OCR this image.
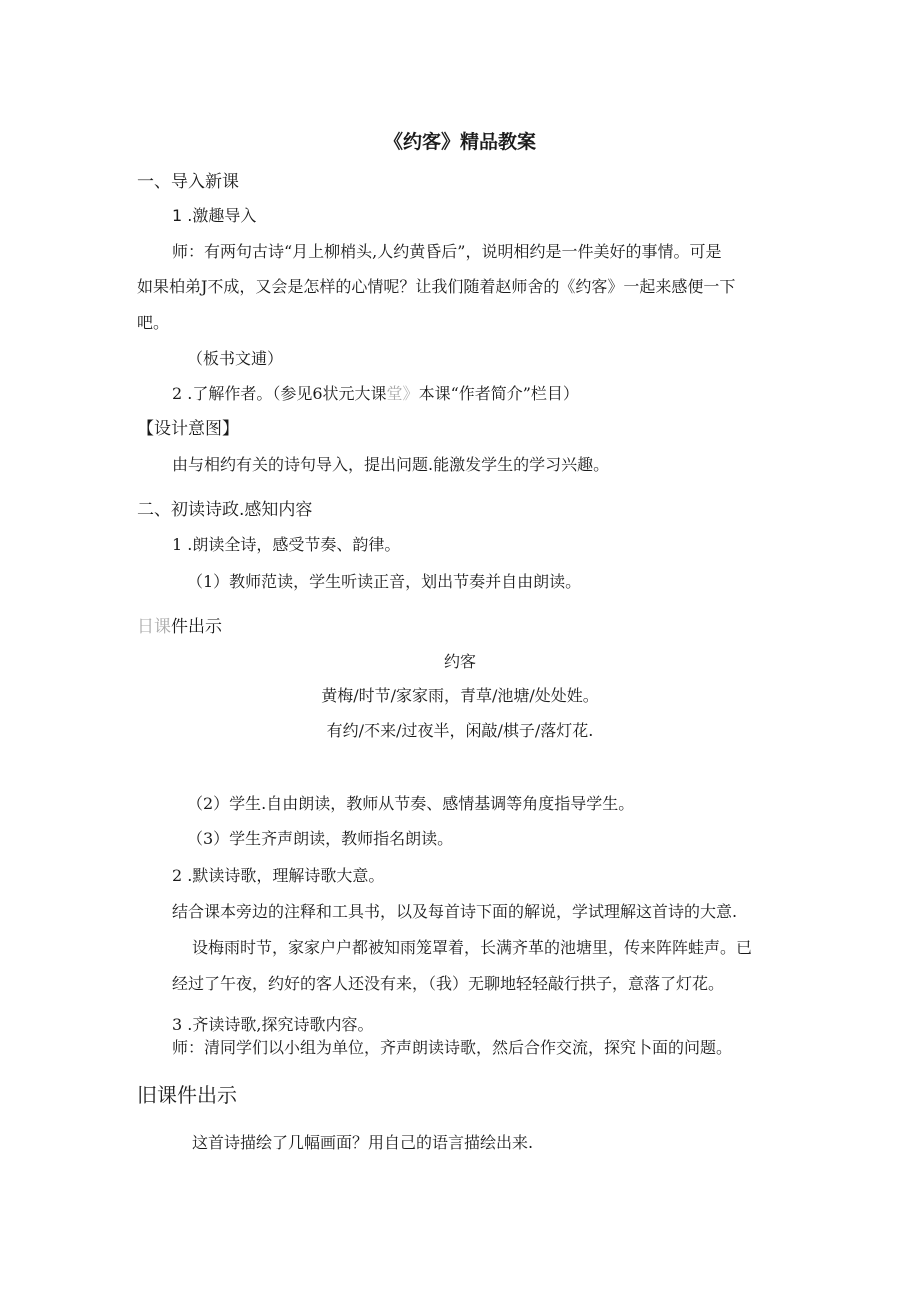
《约客》精品教案
一、导入新课
1 .激趣导入
师：有两句古诗“月上柳梢头,人约黄昏后”，说明相约是一件美好的事情。可是
如果柏弟J不成，又会是怎样的心情呢？让我们随着赵师舍的《约客》一起来感便一下
吧。
（板书文逋）
2 .了解作者。（参见6状元大课堂》本课“作者简介”栏目）
【设计意图】
由与相约有关的诗句导入，提出问题.能激发学生的学习兴趣。
二、初读诗政.感知内容
1 .朗读全诗，感受节奏、韵律。
（1）教师范读，学生听读正音，划出节奏并自由朗读。
日课件出示
约客
黄梅/时节/家家雨，青草/池塘/处处姓。
有约/不来/过夜半，闲敲/棋子/落灯花.
（2）学生.自由朗读，教师从节奏、感情基调等角度指导学生。
（3）学生齐声朗读，教师指名朗读。
2 .默读诗歌，理解诗歌大意。
结合课本旁边的注释和工具书，以及每首诗下面的解说，学试理解这首诗的大意.
设梅雨时节，家家户户都被知雨笼罩着，长满齐革的池塘里，传来阵阵蛙声。已
经过了午夜，约好的客人还没有来，（我）无聊地轻轻敲行拱子，意落了灯花。
3 .齐读诗歌,探究诗歌内容。
师：清同学们以小组为单位，齐声朗读诗歌，然后合作交流，探究卜面的问题。
旧课件出示
这首诗描绘了几幅画面？用自己的语言描绘出来.
